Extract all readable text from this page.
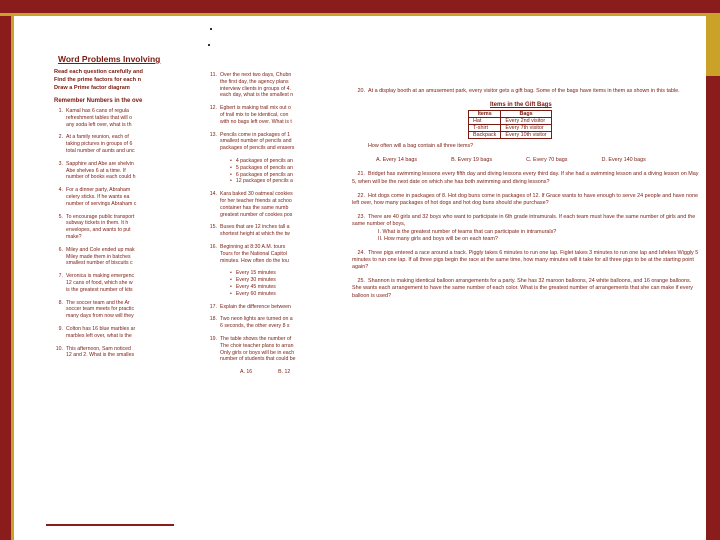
Word Problems Involving
Read each question carefully and
Find the prime factors for each n
Draw a Prime factor diagram
Remember Numbers in the ove
1. Kamal has 6 cans of regula
refreshment tables that will o
any soda left over, what is th
2. At a family reunion, each of
taking pictures in groups of 6
total number of aunts and unc
3. Sapphire and Abe are shelvin
Abe shelves 6 at a time. If
number of books each could h
4. For a dinner party, Abraham
celery sticks. If he wants ea
number of servings Abraham c
5. To encourage public transport
subway tickets in them. It h
envelopes, and wants to put
make?
6. Miley and Cole ended up mak
Miley made them in batches
smallest number of biscuits c
7. Veronica is making emergenc
12 cans of food, which she w
is the greatest number of kits
8. The soccer team and the Ar
soccer team meets for practic
many days from now will they
9. Colton has 16 blue marbles ar
marbles left over, what is the
10. This afternoon, Sam noticed
12 and 2. What is the smalles
11. Over the next two days, Chubn
the first day, the agency plans
interview clients in groups of 4.
each day, what is the smallest n
12. Egbert is making trail mix out o
of trail mix to be identical, con
with no bags left over. What is t
13. Pencils come in packages of 1
smallest number of pencils and
packages of pencils and erasers
• 4 packages of pencils an
• 5 packages of pencils an
• 6 packages of pencils an
• 12 packages of pencils a
14. Kara baked 30 oatmeal cookies
for her teacher friends at schoo
container has the same numb
greatest number of cookies pos
15. Buses that are 12 inches tall a
shortest height at which the tw
16. Beginning at 8:30 A.M. tours
Tours for the National Capitol
minutes. How often do the tou
• Every 15 minutes
• Every 30 minutes
• Every 45 minutes
• Every 60 minutes
17. Explain the difference between
18. Two neon lights are turned on a
6 seconds, the other every 8 s
19. The table shows the number of
The choir teacher plans to arran
Only girls or boys will be in each
number of students that could be
A. 16	B. 12
20. At a display booth at an amusement park, every visitor gets a gift bag. Some of the bags have items in them as shown in this table.
Items in the Gift Bags
Items	Bags
Hat	Every 2nd visitor
T-shirt	Every 7th visitor
Backpack	Every 10th visitor
How often will a bag contain all three items?
A. Every 14 bags	B. Every 19 bags	C. Every 70 bags	D. Every 140 bags
21. Bridget has swimming lessons every fifth day and diving lessons every third day. If she had a swimming lesson and a diving lesson on May 5, when will be the next date on which she has both swimming and diving lessons?
22. Hot dogs come in packages of 8. Hot dog buns come in packages of 12. If Grace wants to have enough to serve 24 people and have none left over, how many packages of hot dogs and hot dog buns should she purchase?
23. There are 40 girls and 32 boys who want to participate in 6th grade intramurals. If each team must have the same number of girls and the same number of boys,
I. What is the greatest number of teams that can participate in intramurals?
II. How many girls and boys will be on each team?
24. Three pigs entered a race around a track. Piggly takes 6 minutes to run one lap. Figlet takes 3 minutes to run one lap and Isfekes Wiggly 5 minutes to run one lap. If all three pigs begin the race at the same time, how many minutes will it take for all three pigs to be at the starting point again?
25. Shannon is making identical balloon arrangements for a party. She has 32 maroon balloons, 24 white balloons, and 16 orange balloons. She wants each arrangement to have the same number of each color. What is the greatest number of arrangements that she can make if every balloon is used?
